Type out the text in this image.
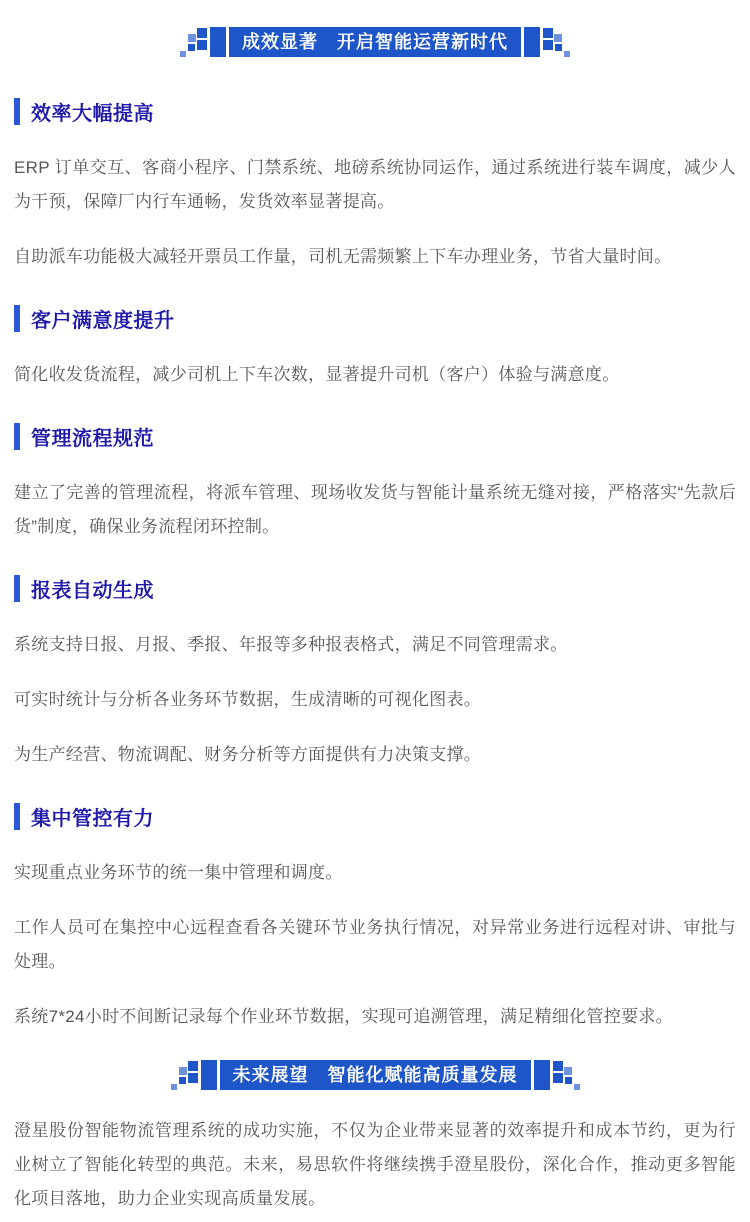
成效显著　开启智能运营新时代
效率大幅提高

ERP 订单交互、客商小程序、门禁系统、地磅系统协同运作，通过系统进行装车调度，减少人为干预，保障厂内行车通畅，发货效率显著提高。

自助派车功能极大减轻开票员工作量，司机无需频繁上下车办理业务，节省大量时间。

客户满意度提升

简化收发货流程，减少司机上下车次数，显著提升司机（客户）体验与满意度。

管理流程规范

建立了完善的管理流程，将派车管理、现场收发货与智能计量系统无缝对接，严格落实“先款后货”制度，确保业务流程闭环控制。

报表自动生成

系统支持日报、月报、季报、年报等多种报表格式，满足不同管理需求。

可实时统计与分析各业务环节数据，生成清晰的可视化图表。

为生产经营、物流调配、财务分析等方面提供有力决策支撑。

集中管控有力

实现重点业务环节的统一集中管理和调度。

工作人员可在集控中心远程查看各关键环节业务执行情况，对异常业务进行远程对讲、审批与处理。

系统7*24小时不间断记录每个作业环节数据，实现可追溯管理，满足精细化管控要求。

未来展望　智能化赋能高质量发展

澄星股份智能物流管理系统的成功实施，不仅为企业带来显著的效率提升和成本节约，更为行业树立了智能化转型的典范。未来，易思软件将继续携手澄星股份，深化合作，推动更多智能化项目落地，助力企业实现高质量发展。
